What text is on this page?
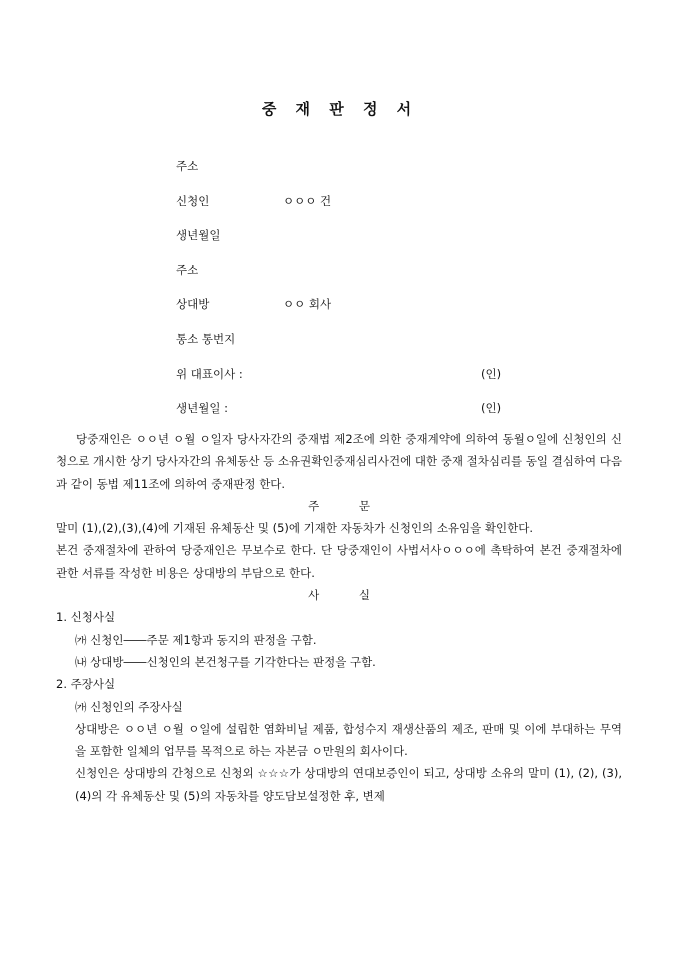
중 재 판 정 서
주소
신청인	ㅇㅇㅇ 건
생년월일
주소
상대방	ㅇㅇ 회사
통소 통번지
위 대표이사 :	(인)
생년월일 :	(인)

당중재인은 ㅇㅇ년 ㅇ월 ㅇ일자 당사자간의 중재법 제2조에 의한 중재계약에 의하여 동월ㅇ일에 신청인의 신청으로 개시한 상기 당사자간의 유체동산 등 소유권확인중재심리사건에 대한 중재 절차심리를 동일 결심하여 다음과 같이 동법 제11조에 의하여 중재판정 한다.

주 문

말미 (1),(2),(3),(4)에 기재된 유체동산 및 (5)에 기재한 자동차가 신청인의 소유임을 확인한다.

본건 중재절차에 관하여 당중재인은 무보수로 한다. 단 당중재인이 사법서사ㅇㅇㅇ에 촉탁하여 본건 중재절차에 관한 서류를 작성한 비용은 상대방의 부담으로 한다.

사 실

1. 신청사실

㈎ 신청인――주문 제1항과 동지의 판정을 구함.

㈏ 상대방――신청인의 본건청구를 기각한다는 판정을 구함.

2. 주장사실

㈎ 신청인의 주장사실

상대방은 ㅇㅇ년 ㅇ월 ㅇ일에 설립한 염화비닐 제품, 합성수지 재생산품의 제조, 판매 및 이에 부대하는 무역을 포함한 일체의 업무를 목적으로 하는 자본금 ㅇ만원의 회사이다.

신청인은 상대방의 간청으로 신청외 ☆☆☆가 상대방의 연대보증인이 되고, 상대방 소유의 말미 (1), (2), (3), (4)의 각 유체동산 및 (5)의 자동차를 양도담보설정한 후, 변제
